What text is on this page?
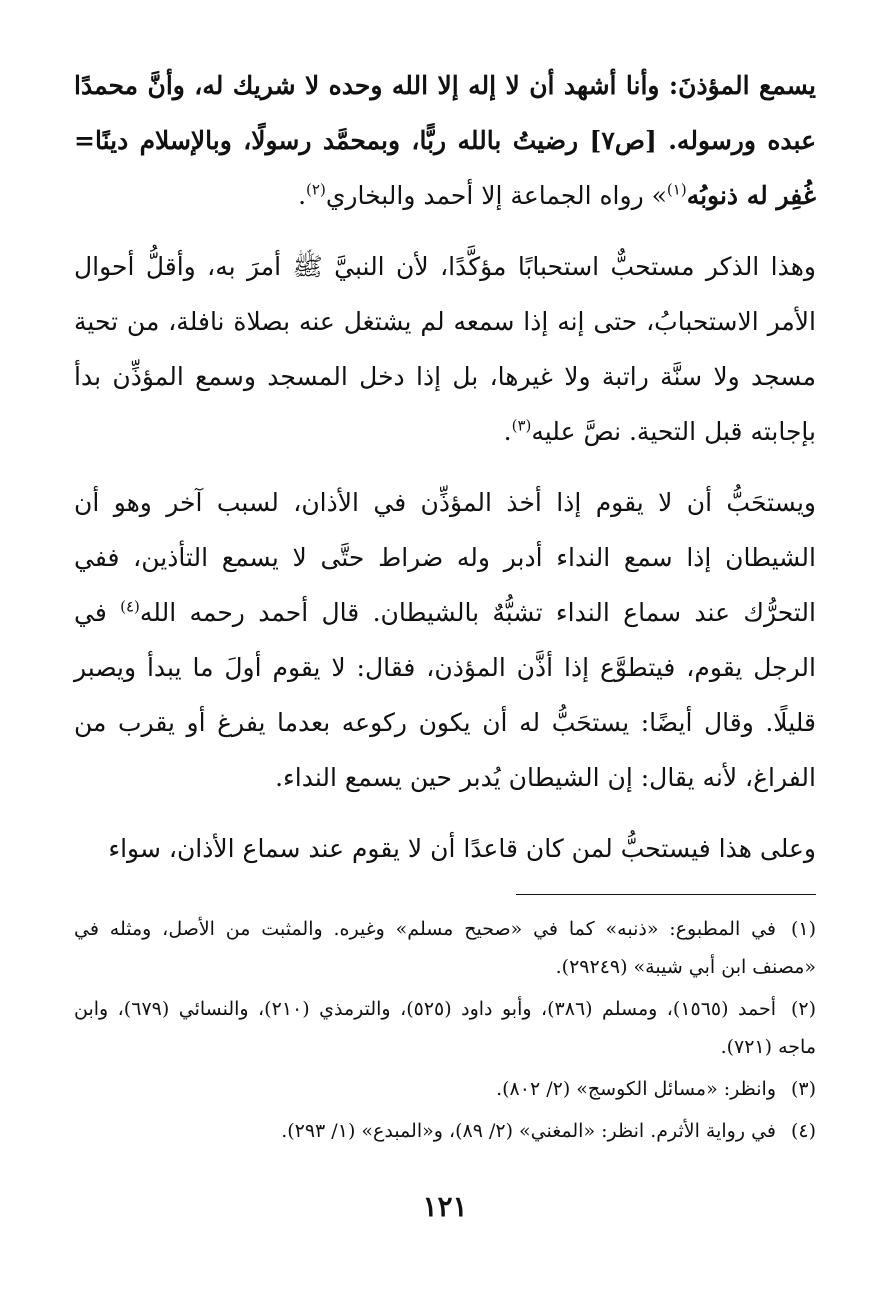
يسمع المؤذنَ: وأنا أشهد أن لا إله إلا الله وحده لا شريك له، وأنَّ محمدًا عبده ورسوله. [ص٧] رضيتُ بالله ربًّا، وبمحمَّد رسولًا، وبالإسلام دينًا= غُفِر له ذنوبُه$^{(١)}$» رواه الجماعة إلا أحمد والبخاري$^{(٢)}$.

وهذا الذكر مستحبٌّ استحبابًا مؤكَّدًا، لأن النبيَّ ﷺ أمرَ به، وأقلُّ أحوال الأمر الاستحبابُ، حتى إنه إذا سمعه لم يشتغل عنه بصلاة نافلة، من تحية مسجد ولا سنَّة راتبة ولا غيرها، بل إذا دخل المسجد وسمع المؤذِّن بدأ بإجابته قبل التحية. نصَّ عليه$^{(٣)}$.

ويستحَبُّ أن لا يقوم إذا أخذ المؤذِّن في الأذان، لسبب آخر وهو أن الشيطان إذا سمع النداء أدبر وله ضراط حتَّى لا يسمع التأذين، ففي التحرُّك عند سماع النداء تشبُّهٌ بالشيطان. قال أحمد رحمه الله$^{(٤)}$ في الرجل يقوم، فيتطوَّع إذا أذَّن المؤذن، فقال: لا يقوم أولَ ما يبدأ ويصبر قليلًا. وقال أيضًا: يستحَبُّ له أن يكون ركوعه بعدما يفرغ أو يقرب من الفراغ، لأنه يقال: إن الشيطان يُدبر حين يسمع النداء.

وعلى هذا فيستحبُّ لمن كان قاعدًا أن لا يقوم عند سماع الأذان، سواء

(١)في المطبوع: «ذنبه» كما في «صحيح مسلم» وغيره. والمثبت من الأصل، ومثله في «مصنف ابن أبي شيبة» (٢٩٢٤٩).

(٢)أحمد (١٥٦٥)، ومسلم (٣٨٦)، وأبو داود (٥٢٥)، والترمذي (٢١٠)، والنسائي (٦٧٩)، وابن ماجه (٧٢١).

(٣)وانظر: «مسائل الكوسج» (٢/ ٨٠٢).

(٤)في رواية الأثرم. انظر: «المغني» (٢/ ٨٩)، و«المبدع» (١/ ٢٩٣).

١٢١
